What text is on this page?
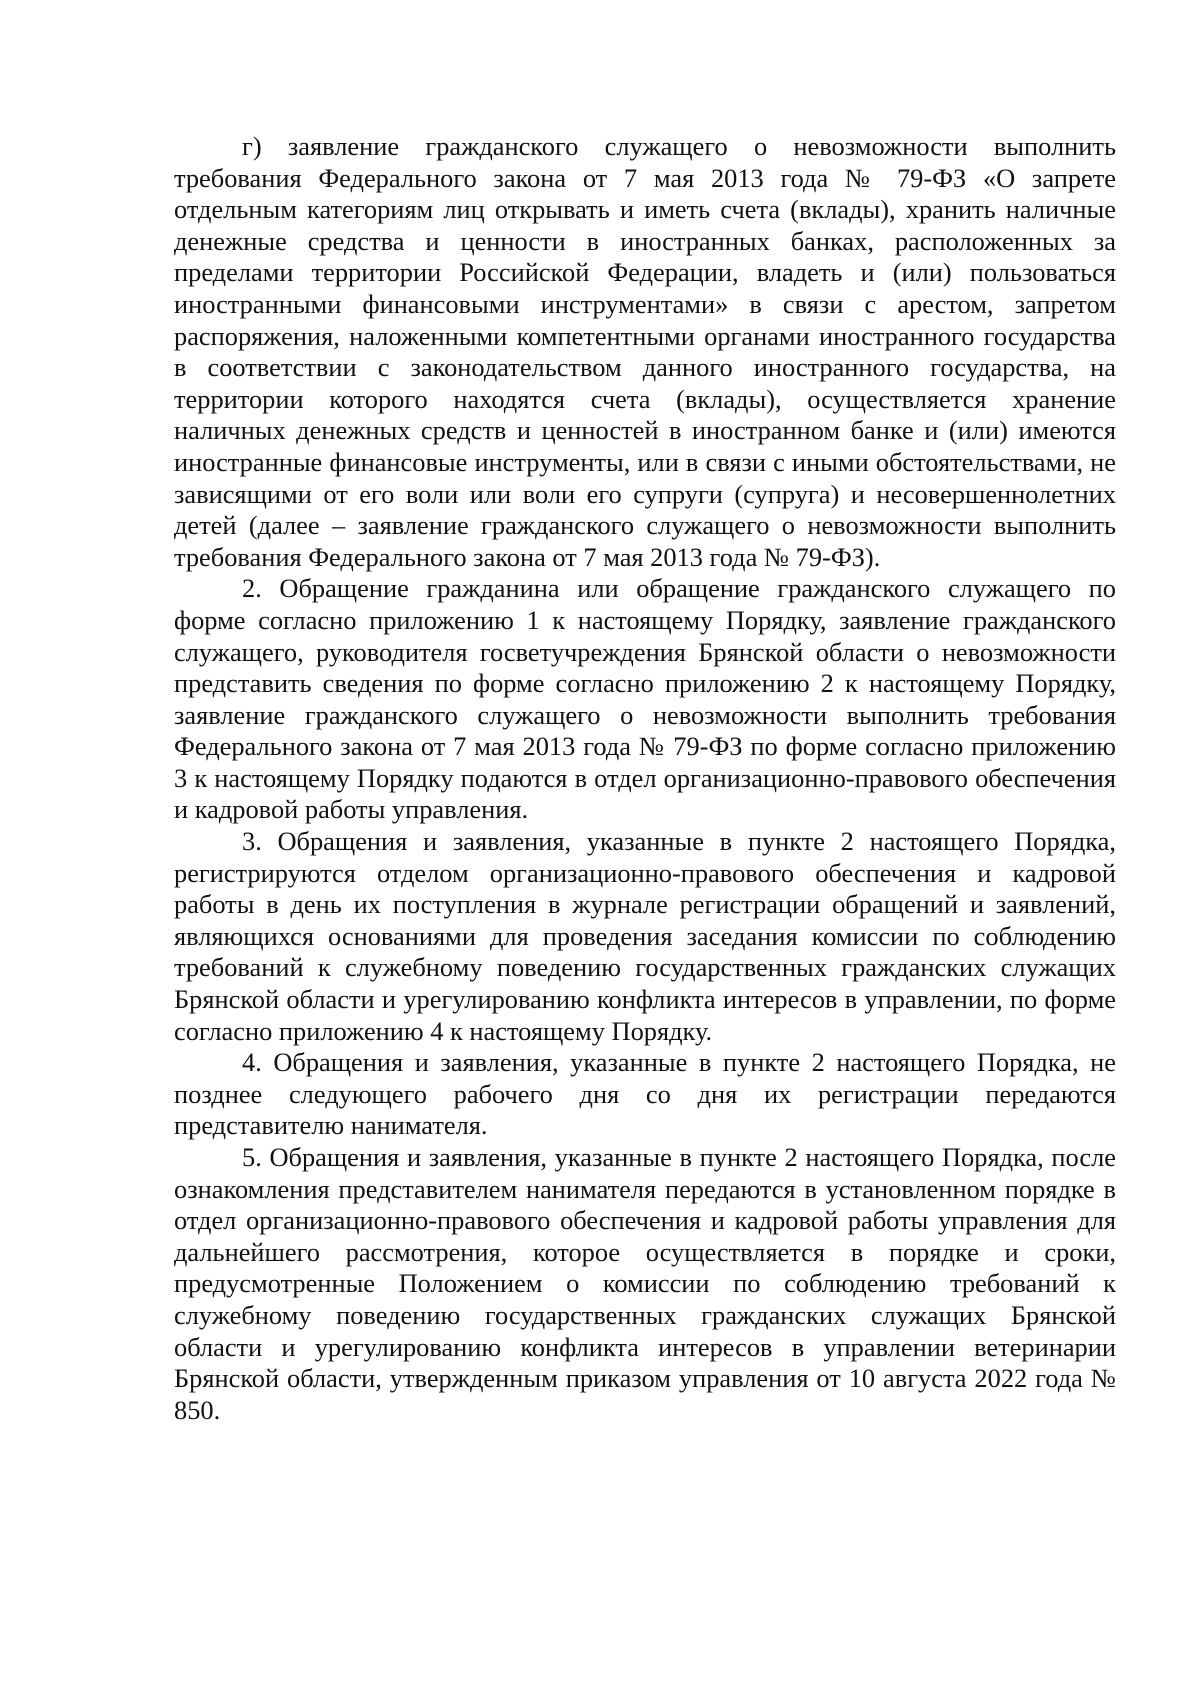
г) заявление гражданского служащего о невозможности выполнить требования Федерального закона от 7 мая 2013 года № 79-ФЗ «О запрете отдельным категориям лиц открывать и иметь счета (вклады), хранить наличные денежные средства и ценности в иностранных банках, расположенных за пределами территории Российской Федерации, владеть и (или) пользоваться иностранными финансовыми инструментами» в связи с арестом, запретом распоряжения, наложенными компетентными органами иностранного государства в соответствии с законодательством данного иностранного государства, на территории которого находятся счета (вклады), осуществляется хранение наличных денежных средств и ценностей в иностранном банке и (или) имеются иностранные финансовые инструменты, или в связи с иными обстоятельствами, не зависящими от его воли или воли его супруги (супруга) и несовершеннолетних детей (далее – заявление гражданского служащего о невозможности выполнить требования Федерального закона от 7 мая 2013 года № 79-ФЗ).

2. Обращение гражданина или обращение гражданского служащего по форме согласно приложению 1 к настоящему Порядку, заявление гражданского служащего, руководителя госветучреждения Брянской области о невозможности представить сведения по форме согласно приложению 2 к настоящему Порядку, заявление гражданского служащего о невозможности выполнить требования Федерального закона от 7 мая 2013 года № 79-ФЗ по форме согласно приложению 3 к настоящему Порядку подаются в отдел организационно-правового обеспечения и кадровой работы управления.

3. Обращения и заявления, указанные в пункте 2 настоящего Порядка, регистрируются отделом организационно-правового обеспечения и кадровой работы в день их поступления в журнале регистрации обращений и заявлений, являющихся основаниями для проведения заседания комиссии по соблюдению требований к служебному поведению государственных гражданских служащих Брянской области и урегулированию конфликта интересов в управлении, по форме согласно приложению 4 к настоящему Порядку.

4. Обращения и заявления, указанные в пункте 2 настоящего Порядка, не позднее следующего рабочего дня со дня их регистрации передаются представителю нанимателя.

5. Обращения и заявления, указанные в пункте 2 настоящего Порядка, после ознакомления представителем нанимателя передаются в установленном порядке в отдел организационно-правового обеспечения и кадровой работы управления для дальнейшего рассмотрения, которое осуществляется в порядке и сроки, предусмотренные Положением о комиссии по соблюдению требований к служебному поведению государственных гражданских служащих Брянской области и урегулированию конфликта интересов в управлении ветеринарии Брянской области, утвержденным приказом управления от 10 августа 2022 года № 850.
